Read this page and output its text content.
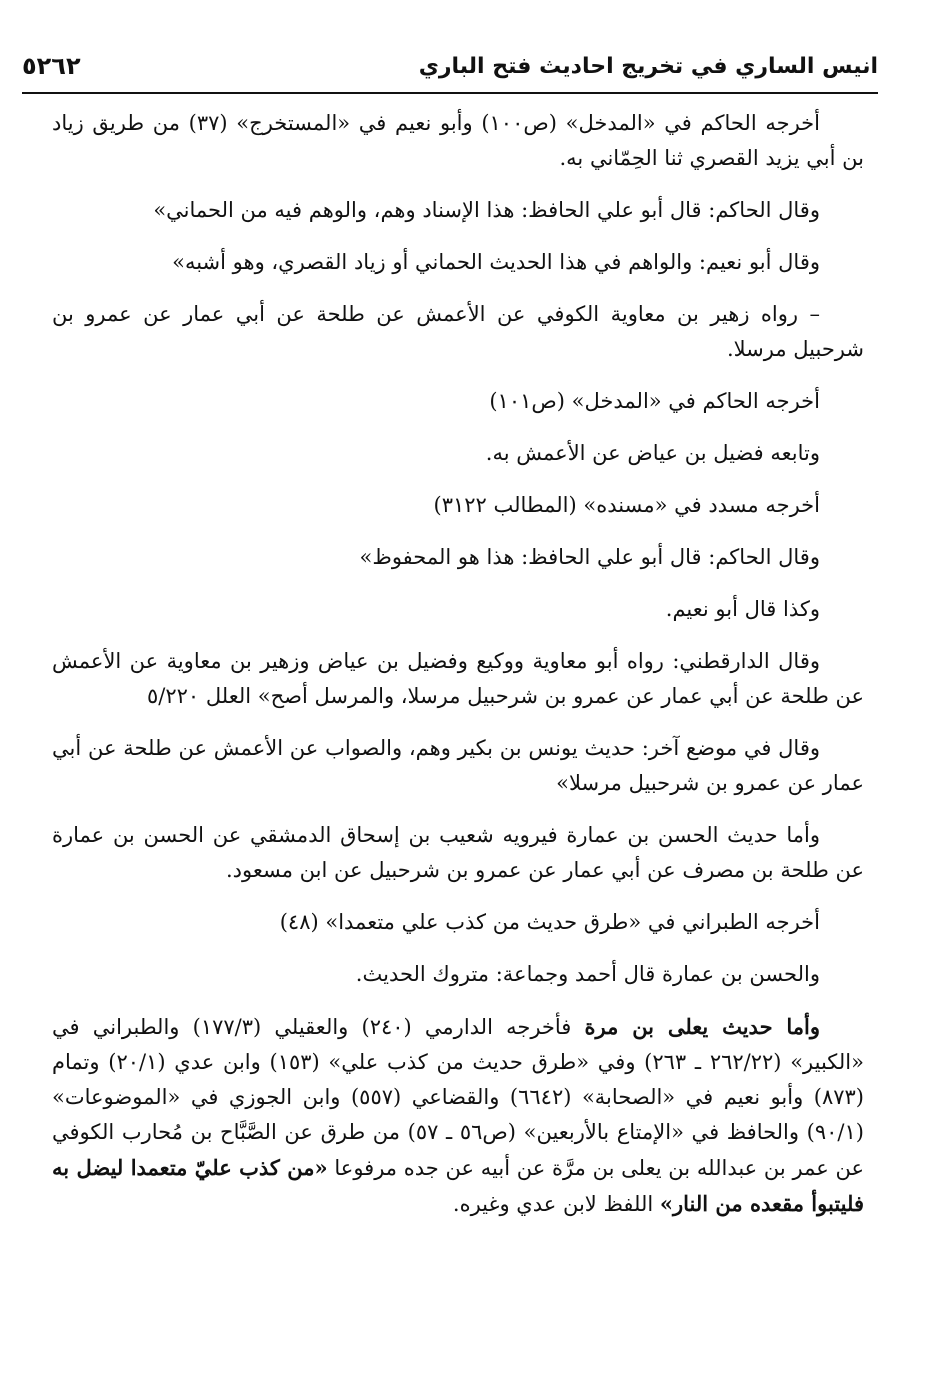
٥٢٦٢	انيس الساري في تخريج احاديث فتح الباري

أخرجه الحاكم في «المدخل» (ص١٠٠) وأبو نعيم في «المستخرج» (٣٧) من طريق زياد بن أبي يزيد القصري ثنا الحِمّاني به.

وقال الحاكم: قال أبو علي الحافظ: هذا الإسناد وهم، والوهم فيه من الحماني»

وقال أبو نعيم: والواهم في هذا الحديث الحماني أو زياد القصري، وهو أشبه»

– رواه زهير بن معاوية الكوفي عن الأعمش عن طلحة عن أبي عمار عن عمرو بن شرحبيل مرسلا.

أخرجه الحاكم في «المدخل» (ص١٠١)

وتابعه فضيل بن عياض عن الأعمش به.

أخرجه مسدد في «مسنده» (المطالب ٣١٢٢)

وقال الحاكم: قال أبو علي الحافظ: هذا هو المحفوظ»

وكذا قال أبو نعيم.

وقال الدارقطني: رواه أبو معاوية ووكيع وفضيل بن عياض وزهير بن معاوية عن الأعمش عن طلحة عن أبي عمار عن عمرو بن شرحبيل مرسلا، والمرسل أصح» العلل ٥/٢٢٠

وقال في موضع آخر: حديث يونس بن بكير وهم، والصواب عن الأعمش عن طلحة عن أبي عمار عن عمرو بن شرحبيل مرسلا»

وأما حديث الحسن بن عمارة فيرويه شعيب بن إسحاق الدمشقي عن الحسن بن عمارة عن طلحة بن مصرف عن أبي عمار عن عمرو بن شرحبيل عن ابن مسعود.

أخرجه الطبراني في «طرق حديث من كذب علي متعمدا» (٤٨)

والحسن بن عمارة قال أحمد وجماعة: متروك الحديث.

وأما حديث يعلى بن مرة فأخرجه الدارمي (٢٤٠) والعقيلي (١٧٧/٣) والطبراني في «الكبير» (٢٦٢/٢٢ ـ ٢٦٣) وفي «طرق حديث من كذب علي» (١٥٣) وابن عدي (٢٠/١) وتمام (٨٧٣) وأبو نعيم في «الصحابة» (٦٦٤٢) والقضاعي (٥٥٧) وابن الجوزي في «الموضوعات» (٩٠/١) والحافظ في «الإمتاع بالأربعين» (ص٥٦ ـ ٥٧) من طرق عن الصَّبَّاح بن مُحارب الكوفي عن عمر بن عبدالله بن يعلى بن مرَّة عن أبيه عن جده مرفوعا «من كذب عليّ متعمدا ليضل به فليتبوأ مقعده من النار» اللفظ لابن عدي وغيره.
